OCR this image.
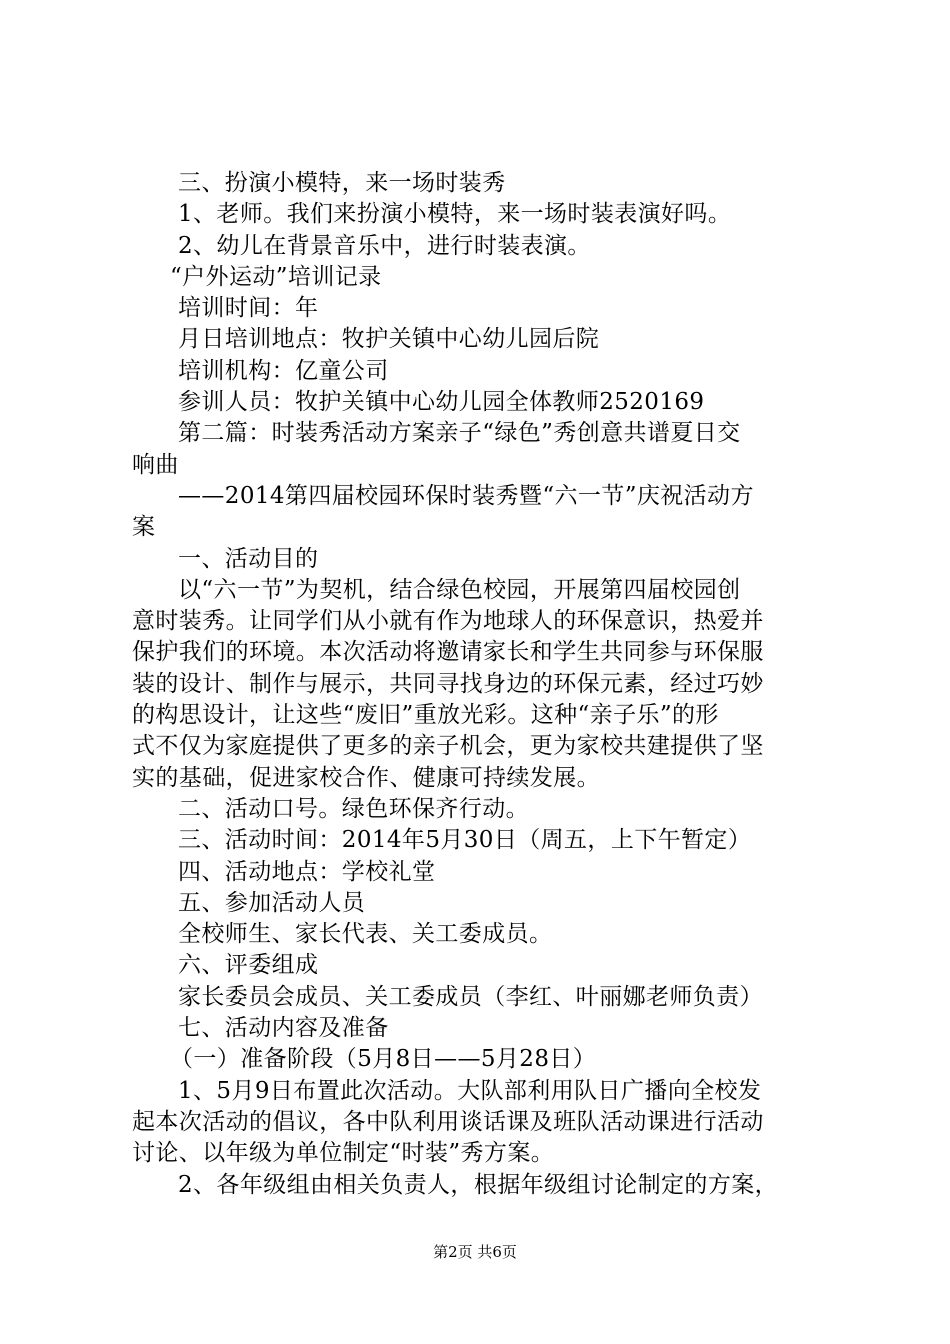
三、扮演小模特，来一场时装秀
1、老师。我们来扮演小模特，来一场时装表演好吗。
2、幼儿在背景音乐中，进行时装表演。
“户外运动”培训记录
培训时间：年
月日培训地点：牧护关镇中心幼儿园后院
培训机构：亿童公司
参训人员：牧护关镇中心幼儿园全体教师2520169
第二篇：时装秀活动方案亲子“绿色”秀创意共谱夏日交
响曲
——2014第四届校园环保时装秀暨“六一节”庆祝活动方
案
一、活动目的
以“六一节”为契机，结合绿色校园，开展第四届校园创
意时装秀。让同学们从小就有作为地球人的环保意识，热爱并
保护我们的环境。本次活动将邀请家长和学生共同参与环保服
装的设计、制作与展示，共同寻找身边的环保元素，经过巧妙
的构思设计，让这些“废旧”重放光彩。这种“亲子乐”的形
式不仅为家庭提供了更多的亲子机会，更为家校共建提供了坚
实的基础，促进家校合作、健康可持续发展。
二、活动口号。绿色环保齐行动。
三、活动时间：2014年5月30日（周五，上下午暂定）
四、活动地点：学校礼堂
五、参加活动人员
全校师生、家长代表、关工委成员。
六、评委组成
家长委员会成员、关工委成员（李红、叶丽娜老师负责）
七、活动内容及准备
（一）准备阶段（5月8日——5月28日）
1、5月9日布置此次活动。大队部利用队日广播向全校发
起本次活动的倡议，各中队利用谈话课及班队活动课进行活动
讨论、以年级为单位制定“时装”秀方案。
2、各年级组由相关负责人，根据年级组讨论制定的方案，
第2页 共6页
